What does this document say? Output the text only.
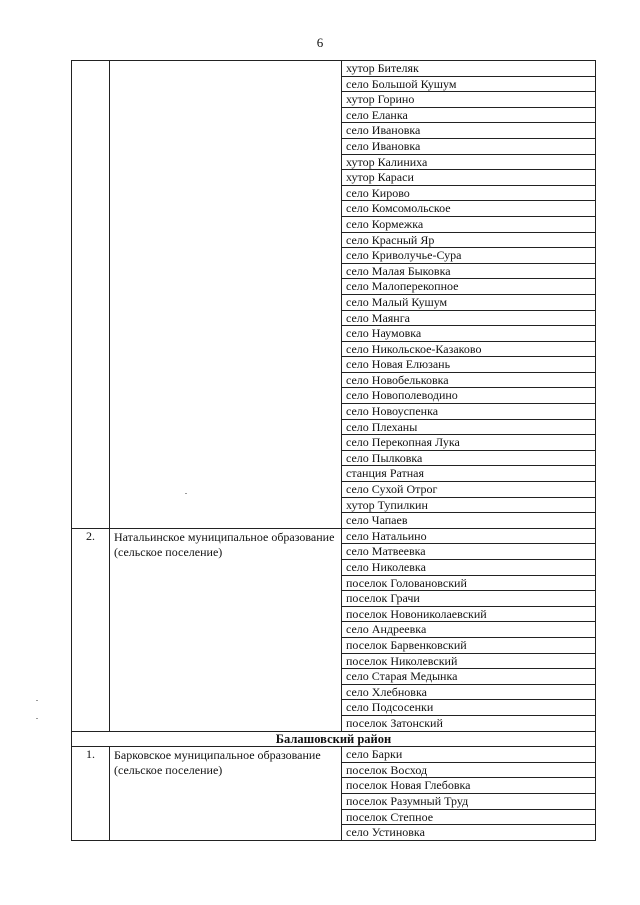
6
		хутор Бителяк
		село Большой Кушум
		хутор Горино
		село Еланка
		село Ивановка
		село Ивановка
		хутор Калиниха
		хутор Караси
		село Кирово
		село Комсомольское
		село Кормежка
		село Красный Яр
		село Криволучье-Сура
		село Малая Быковка
		село Малоперекопное
		село Малый Кушум
		село Маянга
		село Наумовка
		село Никольское-Казаково
		село Новая Елюзань
		село Новобельковка
		село Новополеводино
		село Новоуспенка
		село Плеханы
		село Перекопная Лука
		село Пылковка
		станция Ратная
		село Сухой Отрог
		хутор Тупилкин
		село Чапаев
2.	Натальинское муниципальное образование (сельское поселение)	село Натальино
		село Матвеевка
		село Николевка
		поселок Головановский
		поселок Грачи
		поселок Новониколаевский
		село Андреевка
		поселок Барвенковский
		поселок Николевский
		село Старая Медынка
		село Хлебновка
		село Подсосенки
		поселок Затонский
Балашовский район		
1.	Барковское муниципальное образование (сельское поселение)	село Барки
		поселок Восход
		поселок Новая Глебовка
		поселок Разумный Труд
		поселок Степное
		село Устиновка
